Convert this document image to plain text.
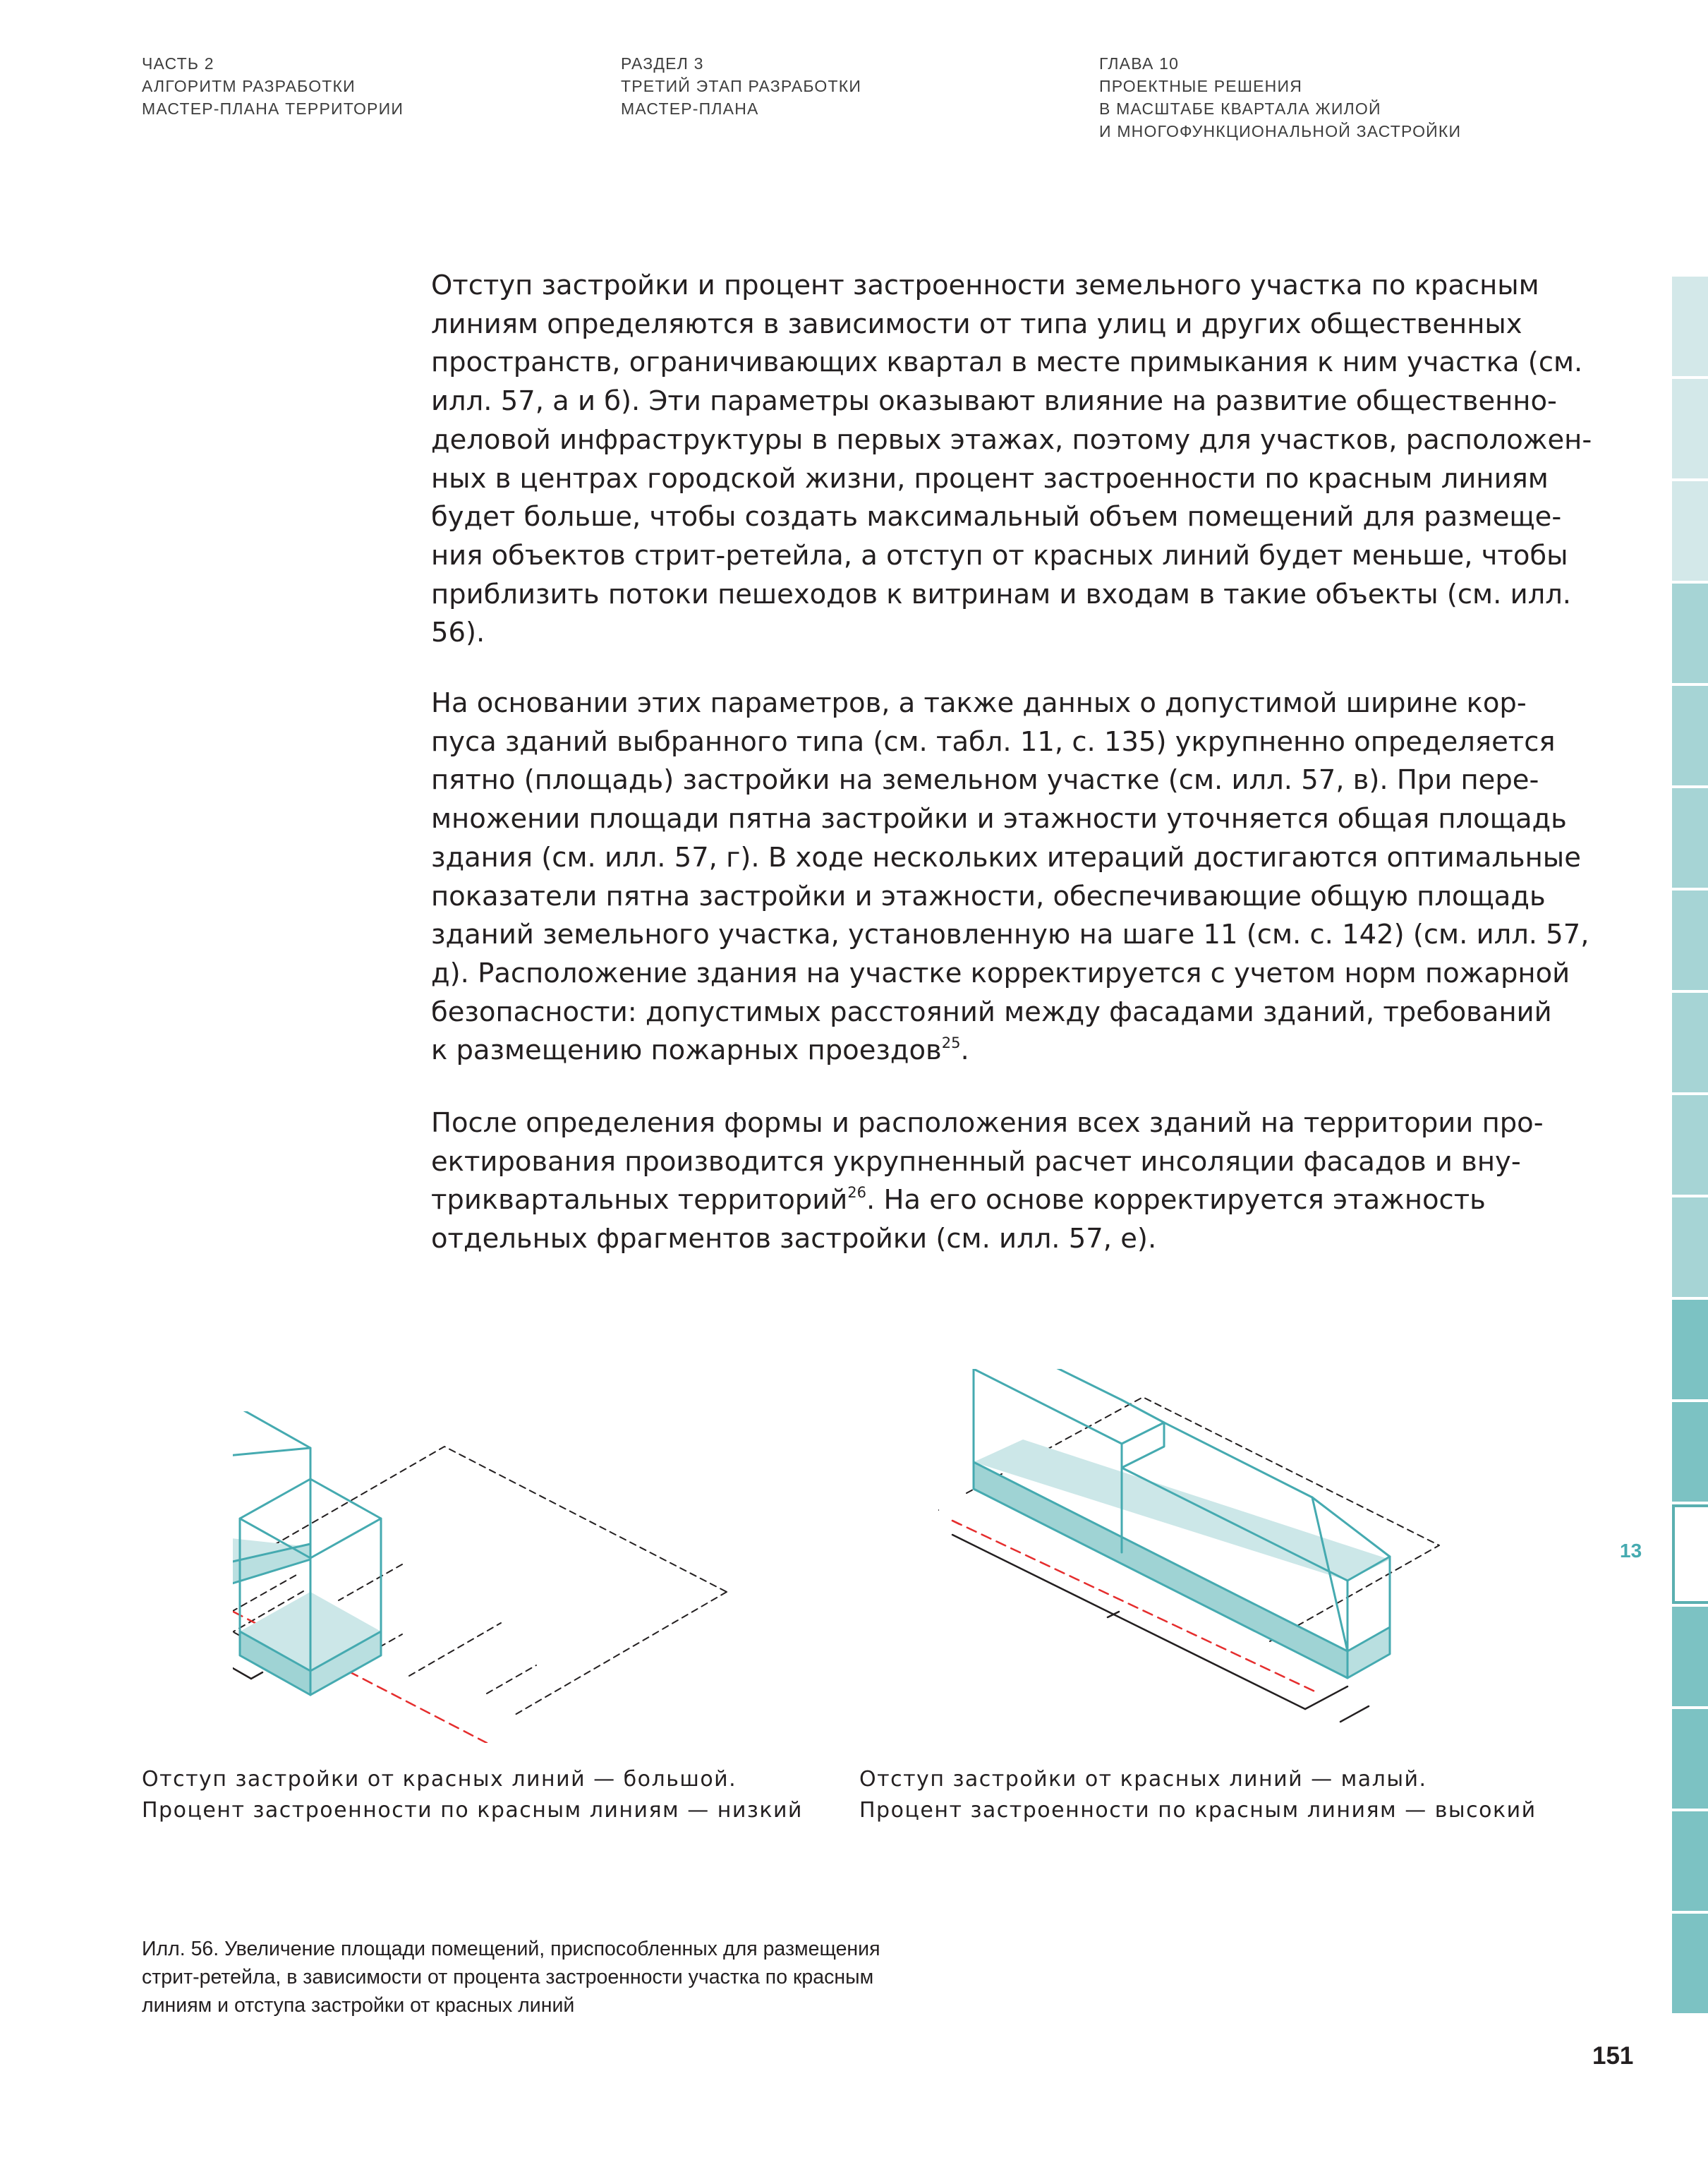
ЧАСТЬ 2
АЛГОРИТМ РАЗРАБОТКИ
МАСТЕР-ПЛАНА ТЕРРИТОРИИ
РАЗДЕЛ 3
ТРЕТИЙ ЭТАП РАЗРАБОТКИ
МАСТЕР-ПЛАНА
ГЛАВА 10
ПРОЕКТНЫЕ РЕШЕНИЯ
В МАСШТАБЕ КВАРТАЛА ЖИЛОЙ
И МНОГОФУНКЦИОНАЛЬНОЙ ЗАСТРОЙКИ

Отступ застройки и процент застроенности земельного участка по красным
линиям определяются в зависимости от типа улиц и других общественных
пространств, ограничивающих квартал в месте примыкания к ним участка (см.
илл. 57, а и б). Эти параметры оказывают влияние на развитие общественно-
деловой инфраструктуры в первых этажах, поэтому для участков, расположен-
ных в центрах городской жизни, процент застроенности по красным линиям
будет больше, чтобы создать максимальный объем помещений для размеще-
ния объектов стрит-ретейла, а отступ от красных линий будет меньше, чтобы
приблизить потоки пешеходов к витринам и входам в такие объекты (см. илл.
56).

На основании этих параметров, а также данных о допустимой ширине кор-
пуса зданий выбранного типа (см. табл. 11, с. 135) укрупненно определяется
пятно (площадь) застройки на земельном участке (см. илл. 57, в). При пере-
множении площади пятна застройки и этажности уточняется общая площадь
здания (см. илл. 57, г). В ходе нескольких итераций достигаются оптимальные
показатели пятна застройки и этажности, обеспечивающие общую площадь
зданий земельного участка, установленную на шаге 11 (см. с. 142) (см. илл. 57,
д). Расположение здания на участке корректируется с учетом норм пожарной
безопасности: допустимых расстояний между фасадами зданий, требований
к размещению пожарных проездов$^{25}$.

После определения формы и расположения всех зданий на территории про-
ектирования производится укрупненный расчет инсоляции фасадов и вну-
триквартальных территорий$^{26}$. На его основе корректируется этажность
отдельных фрагментов застройки (см. илл. 57, е).

Отступ застройки от красных линий — большой.
Процент застроенности по красным линиям — низкий

Отступ застройки от красных линий — малый.
Процент застроенности по красным линиям — высокий

Илл. 56. Увеличение площади помещений, приспособленных для размещения
стрит-ретейла, в зависимости от процента застроенности участка по красным
линиям и отступа застройки от красных линий

13
151
